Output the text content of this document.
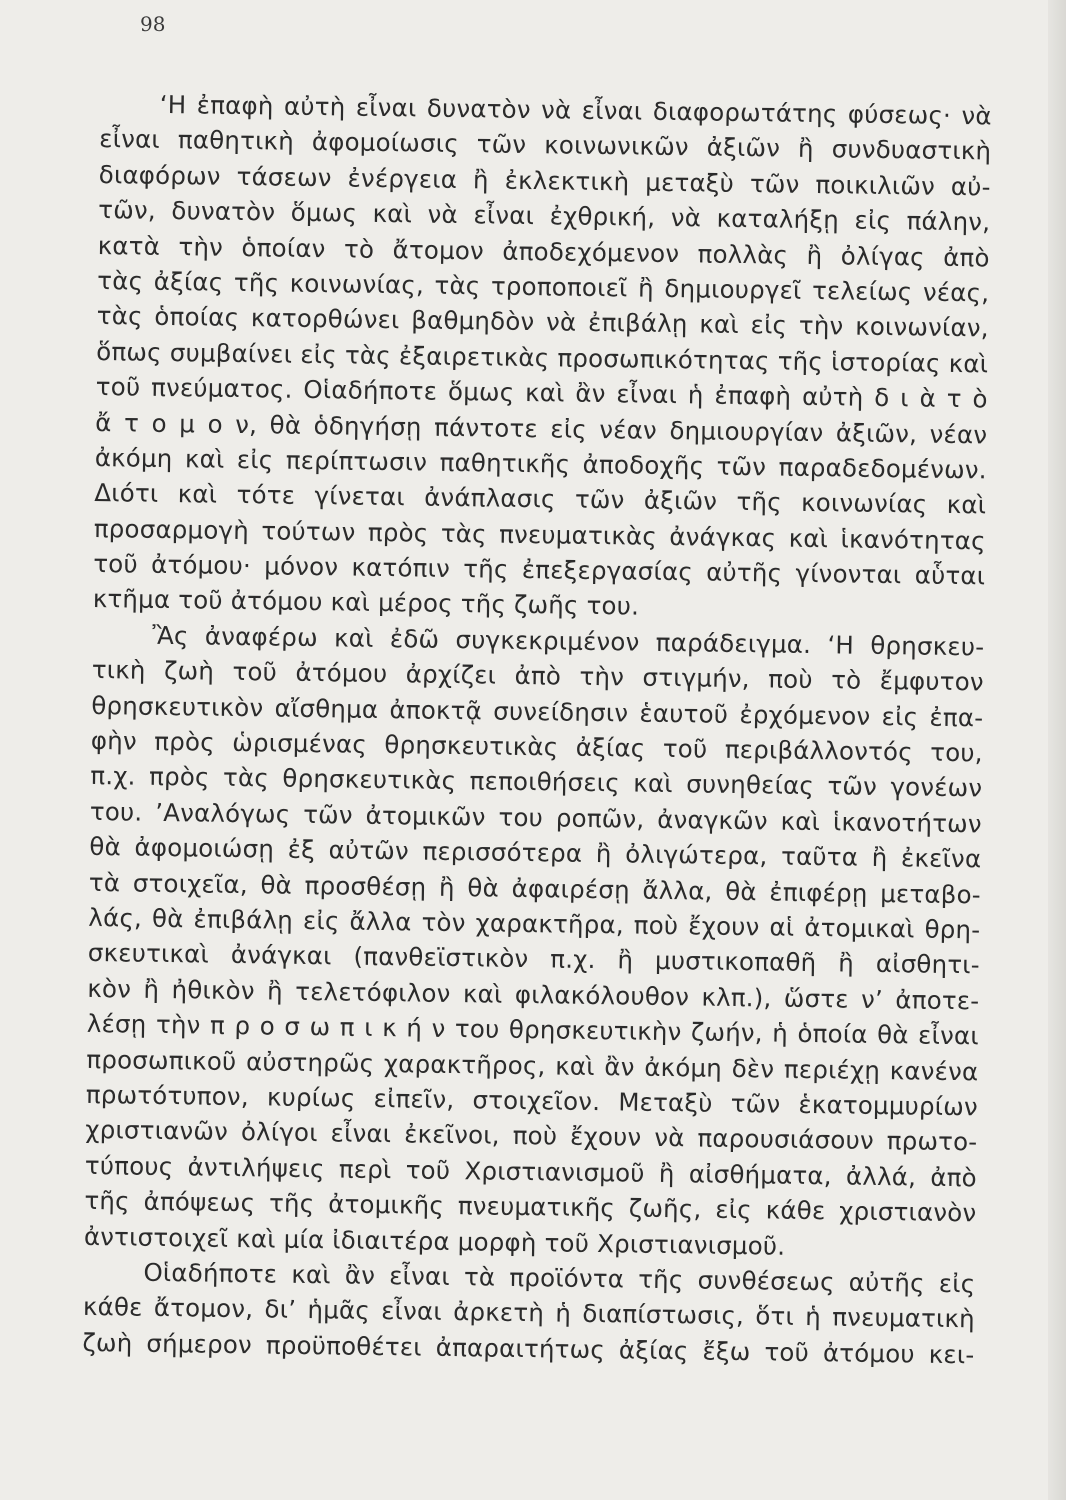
98
‘Η ἐπαφὴ αὐτὴ εἶναι δυνατὸν νὰ εἶναι διαφορωτάτης φύσεως· νὰ
εἶναι παθητικὴ ἀφομοίωσις τῶν κοινωνικῶν ἀξιῶν ἢ συνδυαστικὴ
διαφόρων τάσεων ἐνέργεια ἢ ἐκλεκτικὴ μεταξὺ τῶν ποικιλιῶν αὐ-
τῶν, δυνατὸν ὅμως καὶ νὰ εἶναι ἐχθρική, νὰ καταλήξῃ εἰς πάλην,
κατὰ τὴν ὁποίαν τὸ ἄτομον ἀποδεχόμενον πολλὰς ἢ ὀλίγας ἀπὸ
τὰς ἀξίας τῆς κοινωνίας, τὰς τροποποιεῖ ἢ δημιουργεῖ τελείως νέας,
τὰς ὁποίας κατορθώνει βαθμηδὸν νὰ ἐπιβάλῃ καὶ εἰς τὴν κοινωνίαν,
ὅπως συμβαίνει εἰς τὰς ἐξαιρετικὰς προσωπικότητας τῆς ἱστορίας καὶ
τοῦ πνεύματος. Οἱαδήποτε ὅμως καὶ ἂν εἶναι ἡ ἐπαφὴ αὐτὴ δ ι ὰ τ ὸ
ἄ τ ο μ ο ν, θὰ ὁδηγήσῃ πάντοτε εἰς νέαν δημιουργίαν ἀξιῶν, νέαν
ἀκόμη καὶ εἰς περίπτωσιν παθητικῆς ἀποδοχῆς τῶν παραδεδομένων.
Διότι καὶ τότε γίνεται ἀνάπλασις τῶν ἀξιῶν τῆς κοινωνίας καὶ
προσαρμογὴ τούτων πρὸς τὰς πνευματικὰς ἀνάγκας καὶ ἱκανότητας
τοῦ ἀτόμου· μόνον κατόπιν τῆς ἐπεξεργασίας αὐτῆς γίνονται αὗται
κτῆμα τοῦ ἀτόμου καὶ μέρος τῆς ζωῆς του.
Ἂς ἀναφέρω καὶ ἐδῶ συγκεκριμένον παράδειγμα. ‘Η θρησκευ-
τικὴ ζωὴ τοῦ ἀτόμου ἀρχίζει ἀπὸ τὴν στιγμήν, ποὺ τὸ ἔμφυτον
θρησκευτικὸν αἴσθημα ἀποκτᾷ συνείδησιν ἑαυτοῦ ἐρχόμενον εἰς ἐπα-
φὴν πρὸς ὡρισμένας θρησκευτικὰς ἀξίας τοῦ περιβάλλοντός του,
π.χ. πρὸς τὰς θρησκευτικὰς πεποιθήσεις καὶ συνηθείας τῶν γονέων
του. ’Αναλόγως τῶν ἀτομικῶν του ροπῶν, ἀναγκῶν καὶ ἱκανοτήτων
θὰ ἀφομοιώσῃ ἐξ αὐτῶν περισσότερα ἢ ὀλιγώτερα, ταῦτα ἢ ἐκεῖνα
τὰ στοιχεῖα, θὰ προσθέσῃ ἢ θὰ ἀφαιρέσῃ ἄλλα, θὰ ἐπιφέρῃ μεταβο-
λάς, θὰ ἐπιβάλῃ εἰς ἄλλα τὸν χαρακτῆρα, ποὺ ἔχουν αἱ ἀτομικαὶ θρη-
σκευτικαὶ ἀνάγκαι (πανθεϊστικὸν π.χ. ἢ μυστικοπαθῆ ἢ αἰσθητι-
κὸν ἢ ἠθικὸν ἢ τελετόφιλον καὶ φιλακόλουθον κλπ.), ὥστε ν’ ἀποτε-
λέσῃ τὴν π ρ ο σ ω π ι κ ή ν του θρησκευτικὴν ζωήν, ἡ ὁποία θὰ εἶναι
προσωπικοῦ αὐστηρῶς χαρακτῆρος, καὶ ἂν ἀκόμη δὲν περιέχῃ κανένα
πρωτότυπον, κυρίως εἰπεῖν, στοιχεῖον. Μεταξὺ τῶν ἑκατομμυρίων
χριστιανῶν ὀλίγοι εἶναι ἐκεῖνοι, ποὺ ἔχουν νὰ παρουσιάσουν πρωτο-
τύπους ἀντιλήψεις περὶ τοῦ Χριστιανισμοῦ ἢ αἰσθήματα, ἀλλά, ἀπὸ
τῆς ἀπόψεως τῆς ἀτομικῆς πνευματικῆς ζωῆς, εἰς κάθε χριστιανὸν
ἀντιστοιχεῖ καὶ μία ἰδιαιτέρα μορφὴ τοῦ Χριστιανισμοῦ.
Οἱαδήποτε καὶ ἂν εἶναι τὰ προϊόντα τῆς συνθέσεως αὐτῆς εἰς
κάθε ἄτομον, δι’ ἡμᾶς εἶναι ἀρκετὴ ἡ διαπίστωσις, ὅτι ἡ πνευματικὴ
ζωὴ σήμερον προϋποθέτει ἀπαραιτήτως ἀξίας ἔξω τοῦ ἀτόμου κει-
